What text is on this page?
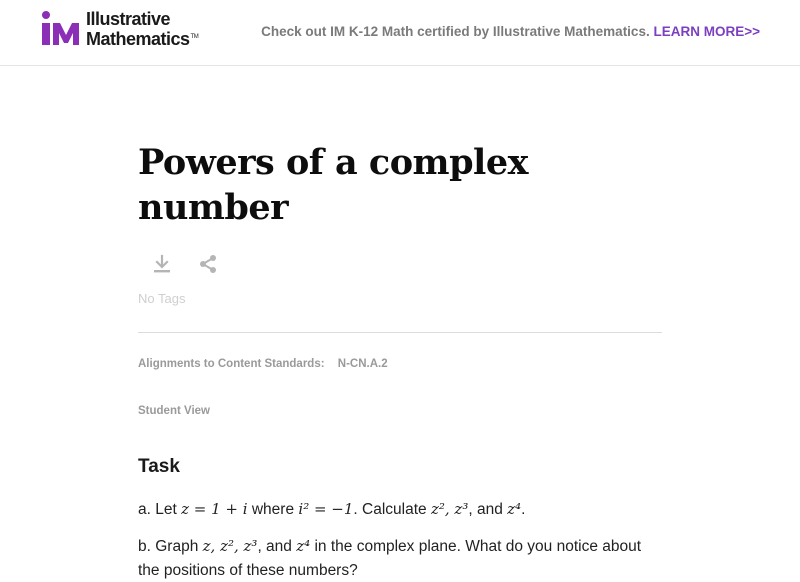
Illustrative
Mathematics™	Check out IM K-12 Math certified by Illustrative Mathematics. LEARN MORE>>
Powers of a complex number
No Tags
Alignments to Content Standards: N-CN.A.2
Student View
Task

a. Let z = 1 + i where i² = −1. Calculate z², z³, and z⁴.

b. Graph z, z², z³, and z⁴ in the complex plane. What do you notice about the positions of these numbers?
